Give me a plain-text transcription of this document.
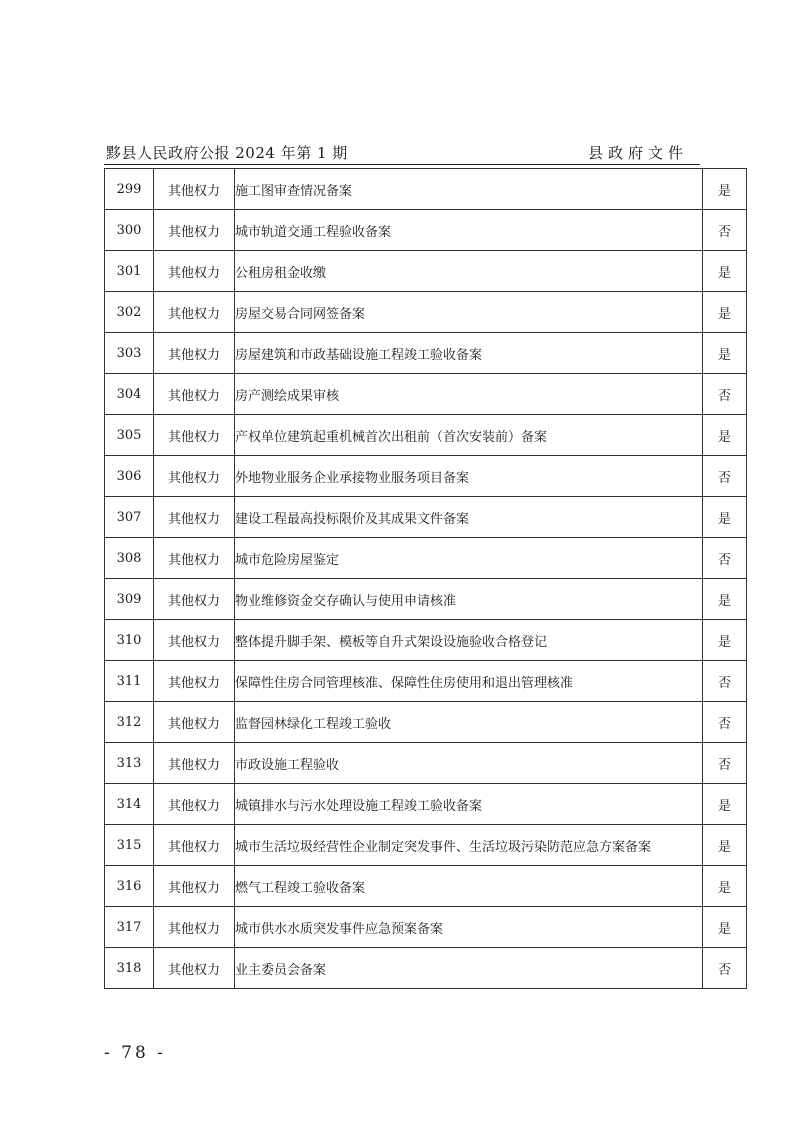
黟县人民政府公报 2024 年第 1 期	县政府文件
299	其他权力	施工图审查情况备案	是
300	其他权力	城市轨道交通工程验收备案	否
301	其他权力	公租房租金收缴	是
302	其他权力	房屋交易合同网签备案	是
303	其他权力	房屋建筑和市政基础设施工程竣工验收备案	是
304	其他权力	房产测绘成果审核	否
305	其他权力	产权单位建筑起重机械首次出租前（首次安装前）备案	是
306	其他权力	外地物业服务企业承接物业服务项目备案	否
307	其他权力	建设工程最高投标限价及其成果文件备案	是
308	其他权力	城市危险房屋鉴定	否
309	其他权力	物业维修资金交存确认与使用申请核准	是
310	其他权力	整体提升脚手架、模板等自升式架设设施验收合格登记	是
311	其他权力	保障性住房合同管理核准、保障性住房使用和退出管理核准	否
312	其他权力	监督园林绿化工程竣工验收	否
313	其他权力	市政设施工程验收	否
314	其他权力	城镇排水与污水处理设施工程竣工验收备案	是
315	其他权力	城市生活垃圾经营性企业制定突发事件、生活垃圾污染防范应急方案备案	是
316	其他权力	燃气工程竣工验收备案	是
317	其他权力	城市供水水质突发事件应急预案备案	是
318	其他权力	业主委员会备案	否
- 78 -
